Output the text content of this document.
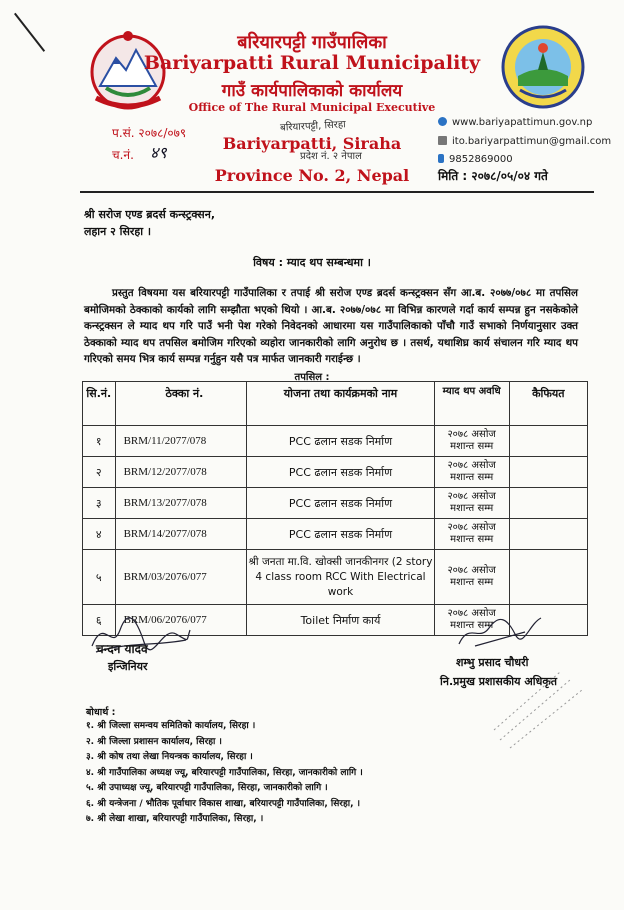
बरियारपट्टी गाउँपालिका
Bariyarpatti Rural Municipality
गाउँ कार्यपालिकाको कार्यालय
Office of The Rural Municipal Executive
Bariyarpatti, Siraha
Province No. 2, Nepal
बरियारपट्टी, सिरहा
प्रदेश नं. २ नेपाल
प.सं. २०७८/०७९
च.नं. ४९
www.bariyapattimun.gov.np
ito.bariyarpattimun@gmail.com
9852869000
मिति : २०७८/०५/०४ गते
श्री सरोज एण्ड ब्रदर्स कन्स्ट्रक्सन,
लहान २ सिरहा ।
विषय : म्याद थप सम्बन्धमा ।
प्रस्तुत विषयमा यस बरियारपट्टी गाउँपालिका र तपाई श्री सरोज एण्ड ब्रदर्स कन्स्ट्रक्सन सँग आ.ब. २०७७/०७८ मा तपसिल बमोजिमको ठेक्काको कार्यको लागि सम्झौता भएको थियो । आ.ब. २०७७/०७८ मा विभिन्न कारणले गर्दा कार्य सम्पन्न हुन नसकेकोले कन्स्ट्रक्सन ले म्याद थप गरि पाउँ भनी पेश गरेको निवेदनको आधारमा यस गाउँपालिकाको पाँचौ गाउँ सभाको निर्णयानुसार उक्त ठेक्काको म्याद थप तपसिल बमोजिम गरिएको व्यहोरा जानकारीको लागि अनुरोध छ । तसर्थ, यथाशिघ्र कार्य संचालन गरि म्याद थप गरिएको समय भित्र कार्य सम्पन्न गर्नुहुन यसै पत्र मार्फत जानकारी गराईन्छ ।
तपसिल :
सि.नं.	ठेक्का नं.	योजना तथा कार्यक्रमको नाम	म्याद थप अवधि	कैफियत
१	BRM/11/2077/078	PCC ढलान सडक निर्माण	२०७८ असोज मशान्त सम्म	
२	BRM/12/2077/078	PCC ढलान सडक निर्माण	२०७८ असोज मशान्त सम्म	
३	BRM/13/2077/078	PCC ढलान सडक निर्माण	२०७८ असोज मशान्त सम्म	
४	BRM/14/2077/078	PCC ढलान सडक निर्माण	२०७८ असोज मशान्त सम्म	
५	BRM/03/2076/077	श्री जनता मा.वि. खोक्सी जानकीनगर (2 story 4 class room RCC With Electrical work	२०७८ असोज मशान्त सम्म	
६	BRM/06/2076/077	Toilet निर्माण कार्य	२०७८ असोज मशान्त सम्म	
चन्दन यादव
इन्जिनियर	शम्भु प्रसाद चौधरी
नि.प्रमुख प्रशासकीय अधिकृत
बोधार्थ :
१. श्री जिल्ला समन्वय समितिको कार्यालय, सिरहा ।
२. श्री जिल्ला प्रशासन कार्यालय, सिरहा ।
३. श्री कोष तथा लेखा नियन्त्रक कार्यालय, सिरहा ।
४. श्री गाउँपालिका अध्यक्ष ज्यू, बरियारपट्टी गाउँपालिका, सिरहा, जानकारीको लागि ।
५. श्री उपाध्यक्ष ज्यू, बरियारपट्टी गाउँपालिका, सिरहा, जानकारीको लागि ।
६. श्री यन्त्रेजना / भौतिक पूर्वाधार विकास शाखा, बरियारपट्टी गाउँपालिका, सिरहा, ।
७. श्री लेखा शाखा, बरियारपट्टी गाउँपालिका, सिरहा, ।
